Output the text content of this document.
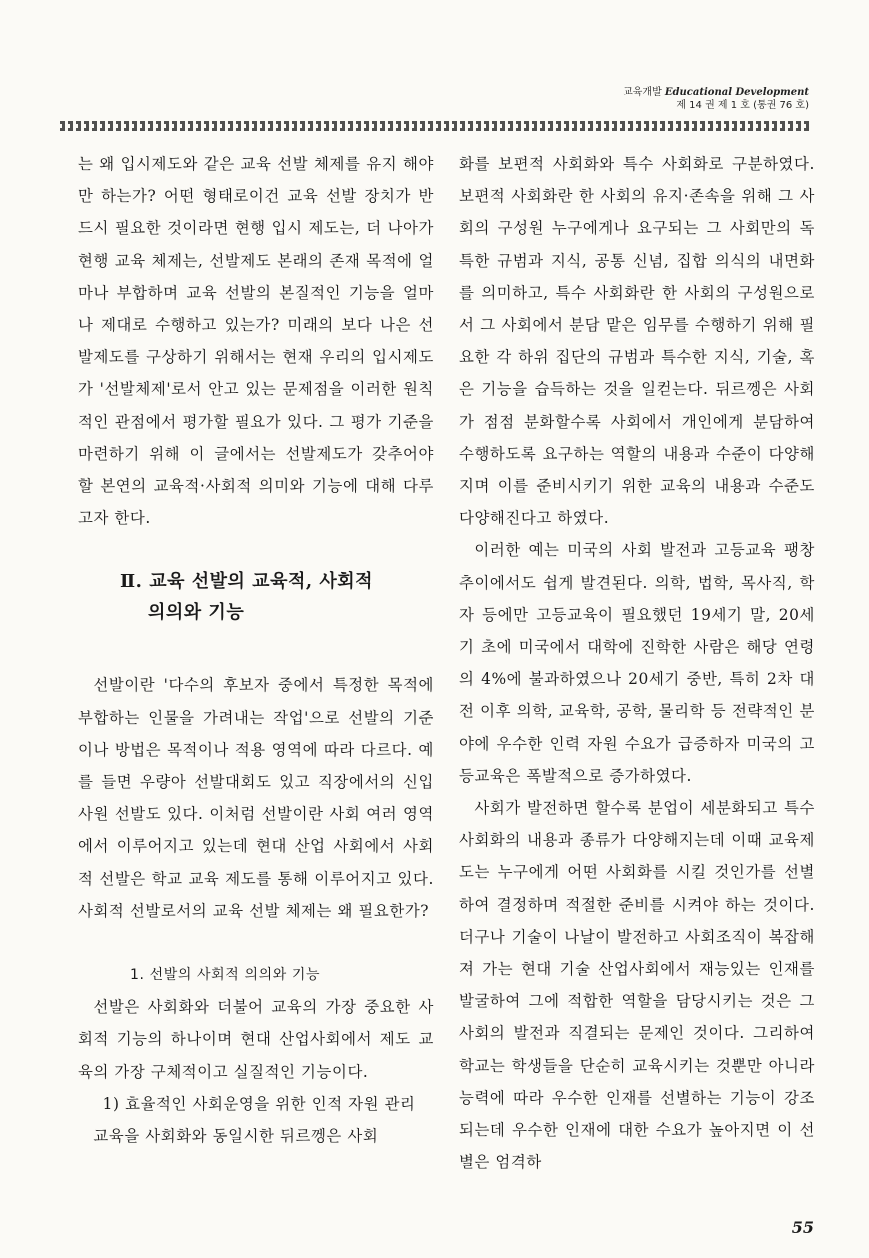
교육개발 Educational Development
제 14 권 제 1 호 (통권 76 호)

는 왜 입시제도와 같은 교육 선발 체제를 유지 해야만 하는가? 어떤 형태로이건 교육 선발 장치가 반드시 필요한 것이라면 현행 입시 제도는, 더 나아가 현행 교육 체제는, 선발제도 본래의 존재 목적에 얼마나 부합하며 교육 선발의 본질적인 기능을 얼마나 제대로 수행하고 있는가? 미래의 보다 나은 선발제도를 구상하기 위해서는 현재 우리의 입시제도가 '선발체제'로서 안고 있는 문제점을 이러한 원칙적인 관점에서 평가할 필요가 있다. 그 평가 기준을 마련하기 위해 이 글에서는 선발제도가 갖추어야 할 본연의 교육적·사회적 의미와 기능에 대해 다루고자 한다.

Ⅱ. 교육 선발의 교육적, 사회적
의의와 기능

선발이란 '다수의 후보자 중에서 특정한 목적에 부합하는 인물을 가려내는 작업'으로 선발의 기준이나 방법은 목적이나 적용 영역에 따라 다르다. 예를 들면 우량아 선발대회도 있고 직장에서의 신입사원 선발도 있다. 이처럼 선발이란 사회 여러 영역에서 이루어지고 있는데 현대 산업 사회에서 사회적 선발은 학교 교육 제도를 통해 이루어지고 있다. 사회적 선발로서의 교육 선발 체제는 왜 필요한가?

1. 선발의 사회적 의의와 기능

선발은 사회화와 더불어 교육의 가장 중요한 사회적 기능의 하나이며 현대 산업사회에서 제도 교육의 가장 구체적이고 실질적인 기능이다.

1) 효율적인 사회운영을 위한 인적 자원 관리

교육을 사회화와 동일시한 뒤르껭은 사회

화를 보편적 사회화와 특수 사회화로 구분하였다. 보편적 사회화란 한 사회의 유지·존속을 위해 그 사회의 구성원 누구에게나 요구되는 그 사회만의 독특한 규범과 지식, 공통 신념, 집합 의식의 내면화를 의미하고, 특수 사회화란 한 사회의 구성원으로서 그 사회에서 분담 맡은 임무를 수행하기 위해 필요한 각 하위 집단의 규범과 특수한 지식, 기술, 혹은 기능을 습득하는 것을 일컫는다. 뒤르껭은 사회가 점점 분화할수록 사회에서 개인에게 분담하여 수행하도록 요구하는 역할의 내용과 수준이 다양해지며 이를 준비시키기 위한 교육의 내용과 수준도 다양해진다고 하였다.

이러한 예는 미국의 사회 발전과 고등교육 팽창 추이에서도 쉽게 발견된다. 의학, 법학, 목사직, 학자 등에만 고등교육이 필요했던 19세기 말, 20세기 초에 미국에서 대학에 진학한 사람은 해당 연령의 4%에 불과하였으나 20세기 중반, 특히 2차 대전 이후 의학, 교육학, 공학, 물리학 등 전략적인 분야에 우수한 인력 자원 수요가 급증하자 미국의 고등교육은 폭발적으로 증가하였다.

사회가 발전하면 할수록 분업이 세분화되고 특수 사회화의 내용과 종류가 다양해지는데 이때 교육제도는 누구에게 어떤 사회화를 시킬 것인가를 선별하여 결정하며 적절한 준비를 시켜야 하는 것이다. 더구나 기술이 나날이 발전하고 사회조직이 복잡해져 가는 현대 기술 산업사회에서 재능있는 인재를 발굴하여 그에 적합한 역할을 담당시키는 것은 그 사회의 발전과 직결되는 문제인 것이다. 그리하여 학교는 학생들을 단순히 교육시키는 것뿐만 아니라 능력에 따라 우수한 인재를 선별하는 기능이 강조되는데 우수한 인재에 대한 수요가 높아지면 이 선별은 엄격하

55
